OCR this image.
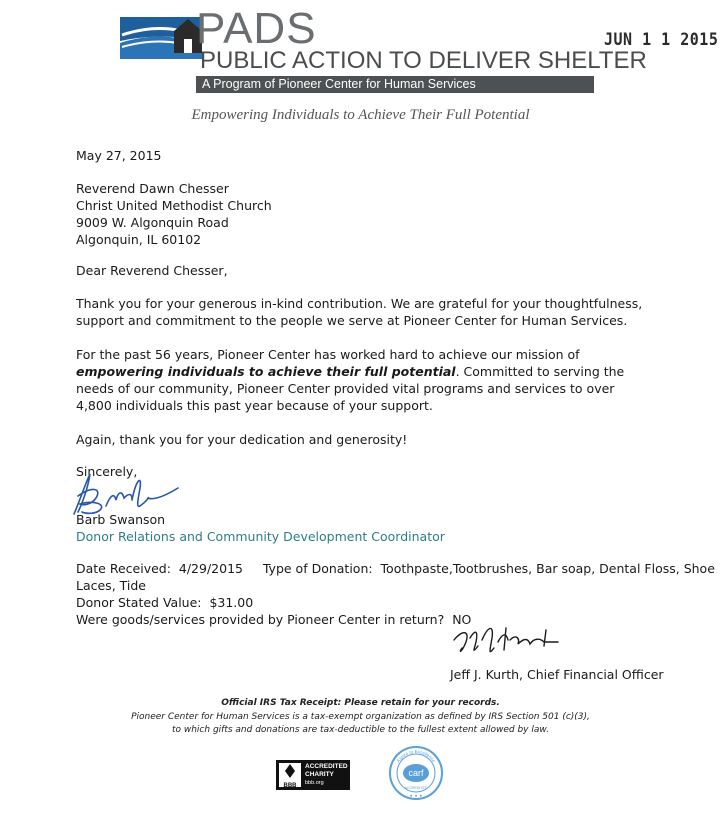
PADS
PUBLIC ACTION TO DELIVER SHELTER
A Program of Pioneer Center for Human Services
JUN 1 1 2015
Empowering Individuals to Achieve Their Full Potential
May 27, 2015
Reverend Dawn Chesser
Christ United Methodist Church
9009 W. Algonquin Road
Algonquin, IL 60102
Dear Reverend Chesser,
Thank you for your generous in-kind contribution. We are grateful for your thoughtfulness, support and commitment to the people we serve at Pioneer Center for Human Services.
For the past 56 years, Pioneer Center has worked hard to achieve our mission of empowering individuals to achieve their full potential. Committed to serving the needs of our community, Pioneer Center provided vital programs and services to over 4,800 individuals this past year because of your support.
Again, thank you for your dedication and generosity!
Sincerely,
Barb Swanson
Donor Relations and Community Development Coordinator
Date Received: 4/29/2015 Type of Donation: Toothpaste,Tootbrushes, Bar soap, Dental Floss, Shoe
Laces, Tide
Donor Stated Value: $31.00
Were goods/services provided by Pioneer Center in return? NO
Jeff J. Kurth, Chief Financial Officer
Official IRS Tax Receipt: Please retain for your records.
Pioneer Center for Human Services is a tax-exempt organization as defined by IRS Section 501 (c)(3),
to which gifts and donations are tax-deductible to the fullest extent allowed by law.
BBB
ACCREDITED
CHARITY
bbb.org
carf
ACCREDITED
Aspire to Excellence
★ ★ ★
